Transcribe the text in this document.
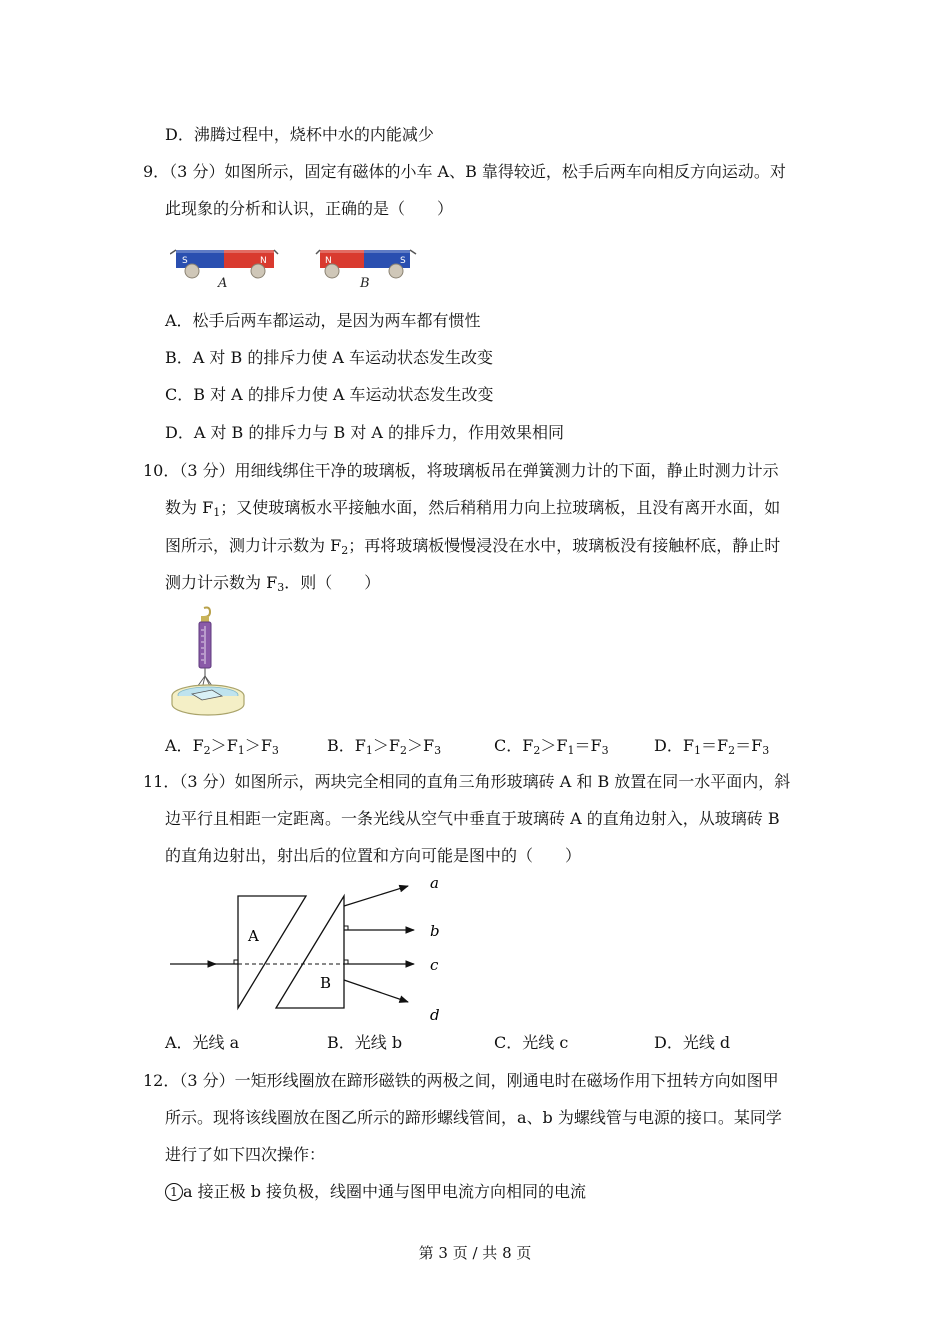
D．沸腾过程中，烧杯中水的内能减少
9．（3 分）如图所示，固定有磁体的小车 A、B 靠得较近，松手后两车向相反方向运动。对
此现象的分析和认识，正确的是（　　）
S	N
A
N	S
B
A．松手后两车都运动，是因为两车都有惯性
B．A 对 B 的排斥力使 A 车运动状态发生改变
C．B 对 A 的排斥力使 A 车运动状态发生改变
D．A 对 B 的排斥力与 B 对 A 的排斥力，作用效果相同
10．（3 分）用细线绑住干净的玻璃板，将玻璃板吊在弹簧测力计的下面，静止时测力计示
数为 $F_1$；又使玻璃板水平接触水面，然后稍稍用力向上拉玻璃板，且没有离开水面，如
图所示，测力计示数为 $F_2$；再将玻璃板慢慢浸没在水中，玻璃板没有接触杯底，静止时
测力计示数为 $F_3$．则（　　）
A．$F_2>F_1>F_3$	B．$F_1>F_2>F_3$	C．$F_2>F_1=F_3$	D．$F_1=F_2=F_3$
11．（3 分）如图所示，两块完全相同的直角三角形玻璃砖 A 和 B 放置在同一水平面内，斜
边平行且相距一定距离。一条光线从空气中垂直于玻璃砖 A 的直角边射入，从玻璃砖 B
的直角边射出，射出后的位置和方向可能是图中的（　　）
A
B
a
b
c
d
A．光线 a	B．光线 b	C．光线 c	D．光线 d
12．（3 分）一矩形线圈放在蹄形磁铁的两极之间，刚通电时在磁场作用下扭转方向如图甲
所示。现将该线圈放在图乙所示的蹄形螺线管间，a、b 为螺线管与电源的接口。某同学
进行了如下四次操作：
1 a 接正极 b 接负极，线圈中通与图甲电流方向相同的电流
第 3 页 / 共 8 页
